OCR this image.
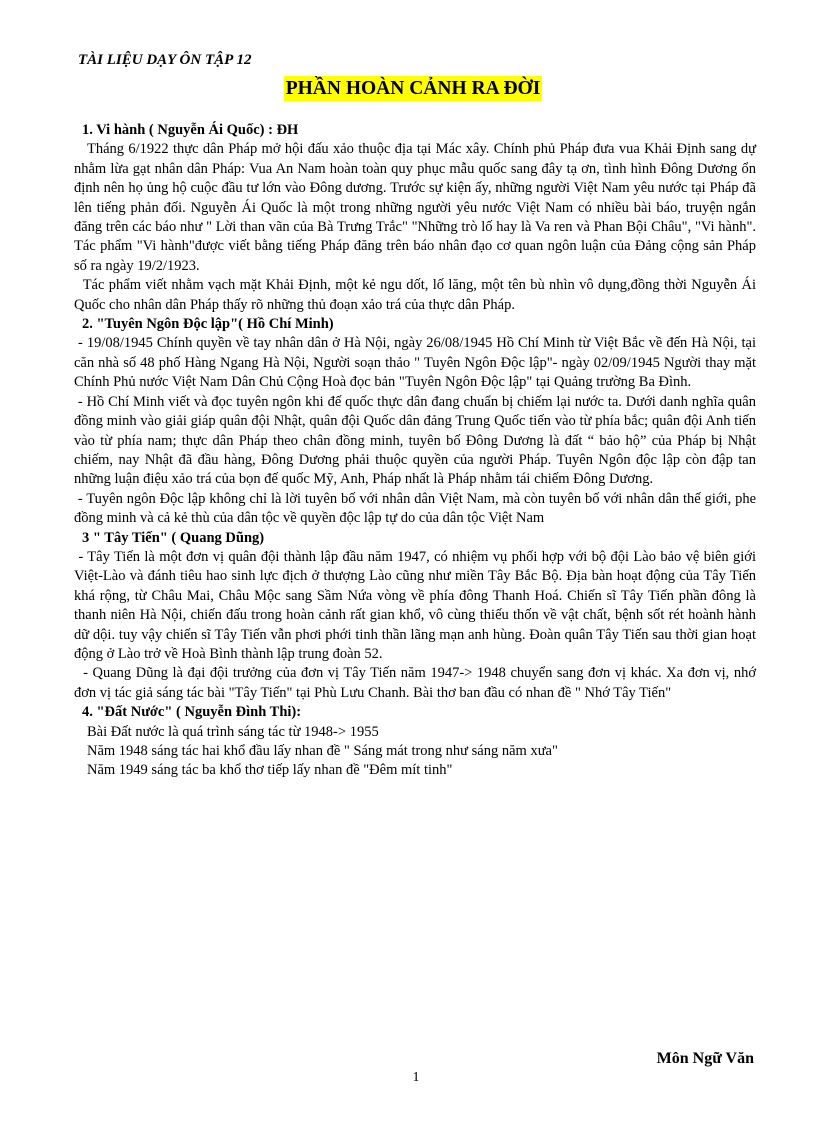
TÀI LIỆU DẠY ÔN TẬP 12
PHẦN HOÀN CẢNH RA ĐỜI

1. Vi hành ( Nguyễn Ái Quốc) : ĐH

Tháng 6/1922 thực dân Pháp mở hội đấu xảo thuộc địa tại Mác xây. Chính phủ Pháp đưa vua Khải Định sang dự nhằm lừa gạt nhân dân Pháp: Vua An Nam hoàn toàn quy phục mẫu quốc sang đây tạ ơn, tình hình Đông Dương ổn định nên họ ủng hộ cuộc đầu tư lớn vào Đông dương. Trước sự kiện ấy, những người Việt Nam yêu nước tại Pháp đã lên tiếng phản đối. Nguyễn Ái Quốc là một trong những người yêu nước Việt Nam có nhiều bài báo, truyện ngắn đăng trên các báo như " Lời than vãn của Bà Trưng Trắc" "Những trò lố hay là Va ren và Phan Bội Châu", "Vi hành". Tác phẩm "Vi hành"được viết bằng tiếng Pháp đăng trên báo nhân đạo cơ quan ngôn luận của Đảng cộng sản Pháp số ra ngày 19/2/1923.

Tác phẩm viết nhằm vạch mặt Khải Định, một kẻ ngu dốt, lố lăng, một tên bù nhìn vô dụng,đồng thời Nguyễn Ái Quốc cho nhân dân Pháp thấy rõ những thủ đoạn xảo trá của thực dân Pháp.

2. "Tuyên Ngôn Độc lập"( Hồ Chí Minh)

- 19/08/1945 Chính quyền về tay nhân dân ở Hà Nội, ngày 26/08/1945 Hồ Chí Minh từ Việt Bắc về đến Hà Nội, tại căn nhà số 48 phố Hàng Ngang Hà Nội, Người soạn thảo " Tuyên Ngôn Độc lập"- ngày 02/09/1945 Người thay mặt Chính Phủ nước Việt Nam Dân Chủ Cộng Hoà đọc bản "Tuyên Ngôn Độc lập" tại Quảng trường Ba Đình.

- Hồ Chí Minh viết và đọc tuyên ngôn khi đế quốc thực dân đang chuẩn bị chiếm lại nước ta. Dưới danh nghĩa quân đồng minh vào giải giáp quân đội Nhật, quân đội Quốc dân đảng Trung Quốc tiến vào từ phía bắc; quân đội Anh tiến vào từ phía nam; thực dân Pháp theo chân đồng minh, tuyên bố Đông Dương là đất “ bảo hộ” của Pháp bị Nhật chiếm, nay Nhật đã đầu hàng, Đông Dương phải thuộc quyền của người Pháp. Tuyên Ngôn độc lập còn đập tan những luận điệu xảo trá của bọn đế quốc Mỹ, Anh, Pháp nhất là Pháp nhằm tái chiếm Đông Dương.

- Tuyên ngôn Độc lập không chỉ là lời tuyên bố với nhân dân Việt Nam, mà còn tuyên bố với nhân dân thế giới, phe đồng minh và cả kẻ thù của dân tộc về quyền độc lập tự do của dân tộc Việt Nam

3 " Tây Tiến" ( Quang Dũng)

- Tây Tiến là một đơn vị quân đội thành lập đầu năm 1947, có nhiệm vụ phối hợp với bộ đội Lào bảo vệ biên giới Việt-Lào và đánh tiêu hao sinh lực địch ở thượng Lào cũng như miền Tây Bắc Bộ. Địa bàn hoạt động của Tây Tiến khá rộng, từ Châu Mai, Châu Mộc sang Sầm Nứa vòng về phía đông Thanh Hoá. Chiến sĩ Tây Tiến phần đông là thanh niên Hà Nội, chiến đấu trong hoàn cảnh rất gian khổ, vô cùng thiếu thốn về vật chất, bệnh sốt rét hoành hành dữ dội. tuy vậy chiến sĩ Tây Tiến vẫn phơi phới tinh thần lãng mạn anh hùng. Đoàn quân Tây Tiến sau thời gian hoạt động ở Lào trở về Hoà Bình thành lập trung đoàn 52.

- Quang Dũng là đại đội trưởng của đơn vị Tây Tiến năm 1947-> 1948 chuyển sang đơn vị khác. Xa đơn vị, nhớ đơn vị tác giả sáng tác bài "Tây Tiến" tại Phù Lưu Chanh. Bài thơ ban đầu có nhan đề " Nhớ Tây Tiến"

4. "Đất Nước" ( Nguyễn Đình Thi):

Bài Đất nước là quá trình sáng tác từ 1948-> 1955

Năm 1948 sáng tác hai khổ đầu lấy nhan đề " Sáng mát trong như sáng năm xưa"

Năm 1949 sáng tác ba khổ thơ tiếp lấy nhan đề "Đêm mít tinh"

Môn Ngữ Văn
1
